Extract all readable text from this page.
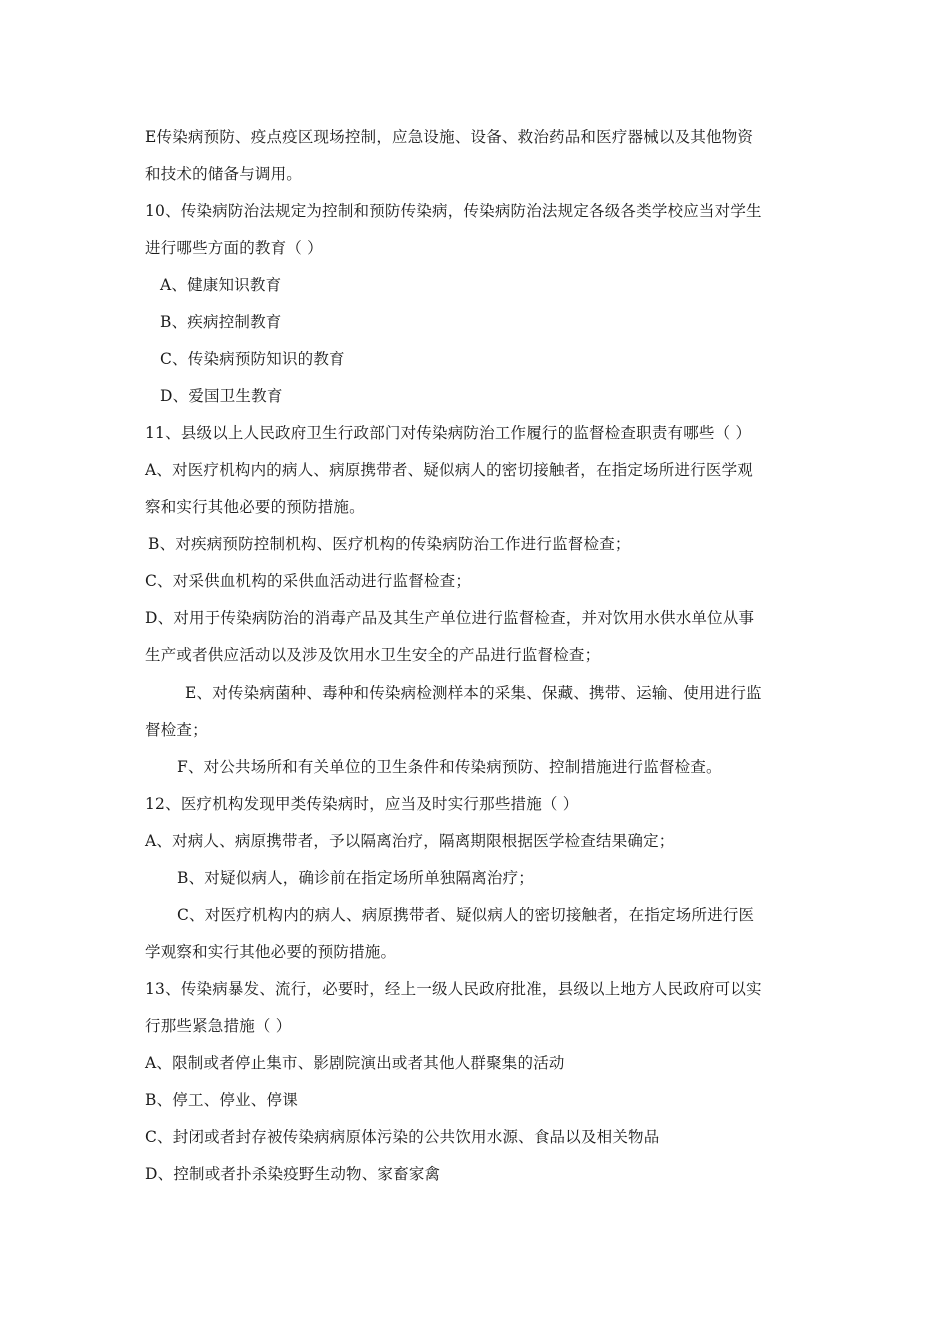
E传染病预防、疫点疫区现场控制，应急设施、设备、救治药品和医疗器械以及其他物资
和技术的储备与调用。
10、传染病防治法规定为控制和预防传染病，传染病防治法规定各级各类学校应当对学生
进行哪些方面的教育（ ）
A、健康知识教育
B、疾病控制教育
C、传染病预防知识的教育
D、爱国卫生教育
11、县级以上人民政府卫生行政部门对传染病防治工作履行的监督检查职责有哪些（ ）
A、对医疗机构内的病人、病原携带者、疑似病人的密切接触者，在指定场所进行医学观
察和实行其他必要的预防措施。
B、对疾病预防控制机构、医疗机构的传染病防治工作进行监督检查；
C、对采供血机构的采供血活动进行监督检查；
D、对用于传染病防治的消毒产品及其生产单位进行监督检查，并对饮用水供水单位从事
生产或者供应活动以及涉及饮用水卫生安全的产品进行监督检查；
E、对传染病菌种、毒种和传染病检测样本的采集、保藏、携带、运输、使用进行监
督检查；
F、对公共场所和有关单位的卫生条件和传染病预防、控制措施进行监督检查。
12、医疗机构发现甲类传染病时，应当及时实行那些措施（ ）
A、对病人、病原携带者，予以隔离治疗，隔离期限根据医学检查结果确定；
B、对疑似病人，确诊前在指定场所单独隔离治疗；
C、对医疗机构内的病人、病原携带者、疑似病人的密切接触者，在指定场所进行医
学观察和实行其他必要的预防措施。
13、传染病暴发、流行，必要时，经上一级人民政府批准，县级以上地方人民政府可以实
行那些紧急措施（ ）
A、限制或者停止集市、影剧院演出或者其他人群聚集的活动
B、停工、停业、停课
C、封闭或者封存被传染病病原体污染的公共饮用水源、食品以及相关物品
D、控制或者扑杀染疫野生动物、家畜家禽
